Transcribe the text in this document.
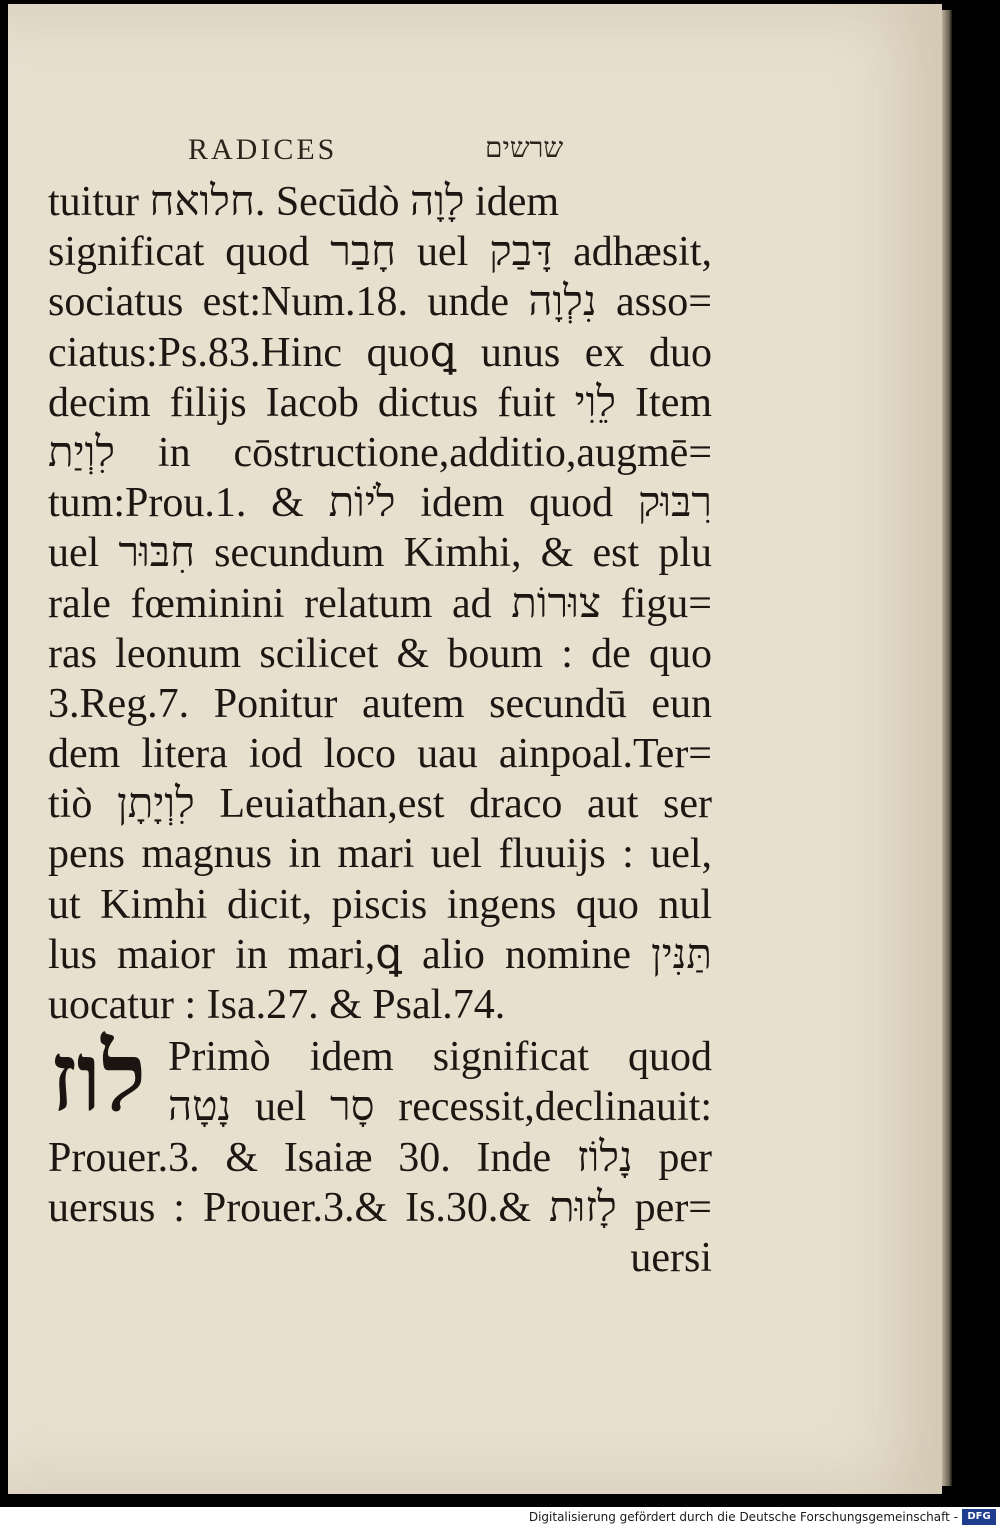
RADICES	שרשים
tuitur חלואח. Secūdò לָוָה idem
significat quod חָבַר uel דָּבַק adhæsit,
sociatus est:Num.18. unde נִלְוָה asso=
ciatus:Ps.83.Hinc quoꝗ unus ex duo
decim filijs Iacob dictus fuit לֵוִי Item
לִוְיַת in cōstructione,additio,augmē=
tum:Prou.1. & לֹיוֹת idem quod רִבּוּק
uel חִבּוּר secundum Kimhi, & est plu
rale fœminini relatum ad צוּרוֹת figu=
ras leonum scilicet & boum : de quo
3.Reg.7. Ponitur autem secundū eun
dem litera iod loco uau ainpoal.Ter=
tiò לִוְיָתָן Leuiathan,est draco aut ser
pens magnus in mari uel fluuijs : uel,
ut Kimhi dicit, piscis ingens quo nul
lus maior in mari,ꝗ alio nomine תַּנִּין
uocatur : Isa.27. & Psal.74.
לוז Primò idem significat quod
נָטָה uel סָר recessit,declinauit:
Prouer.3. & Isaiæ 30. Inde נָלוֹז per
uersus : Prouer.3.& Is.30.& לָזוּת per=
uersi
Digitalisierung gefördert durch die Deutsche Forschungsgemeinschaft - DFG
